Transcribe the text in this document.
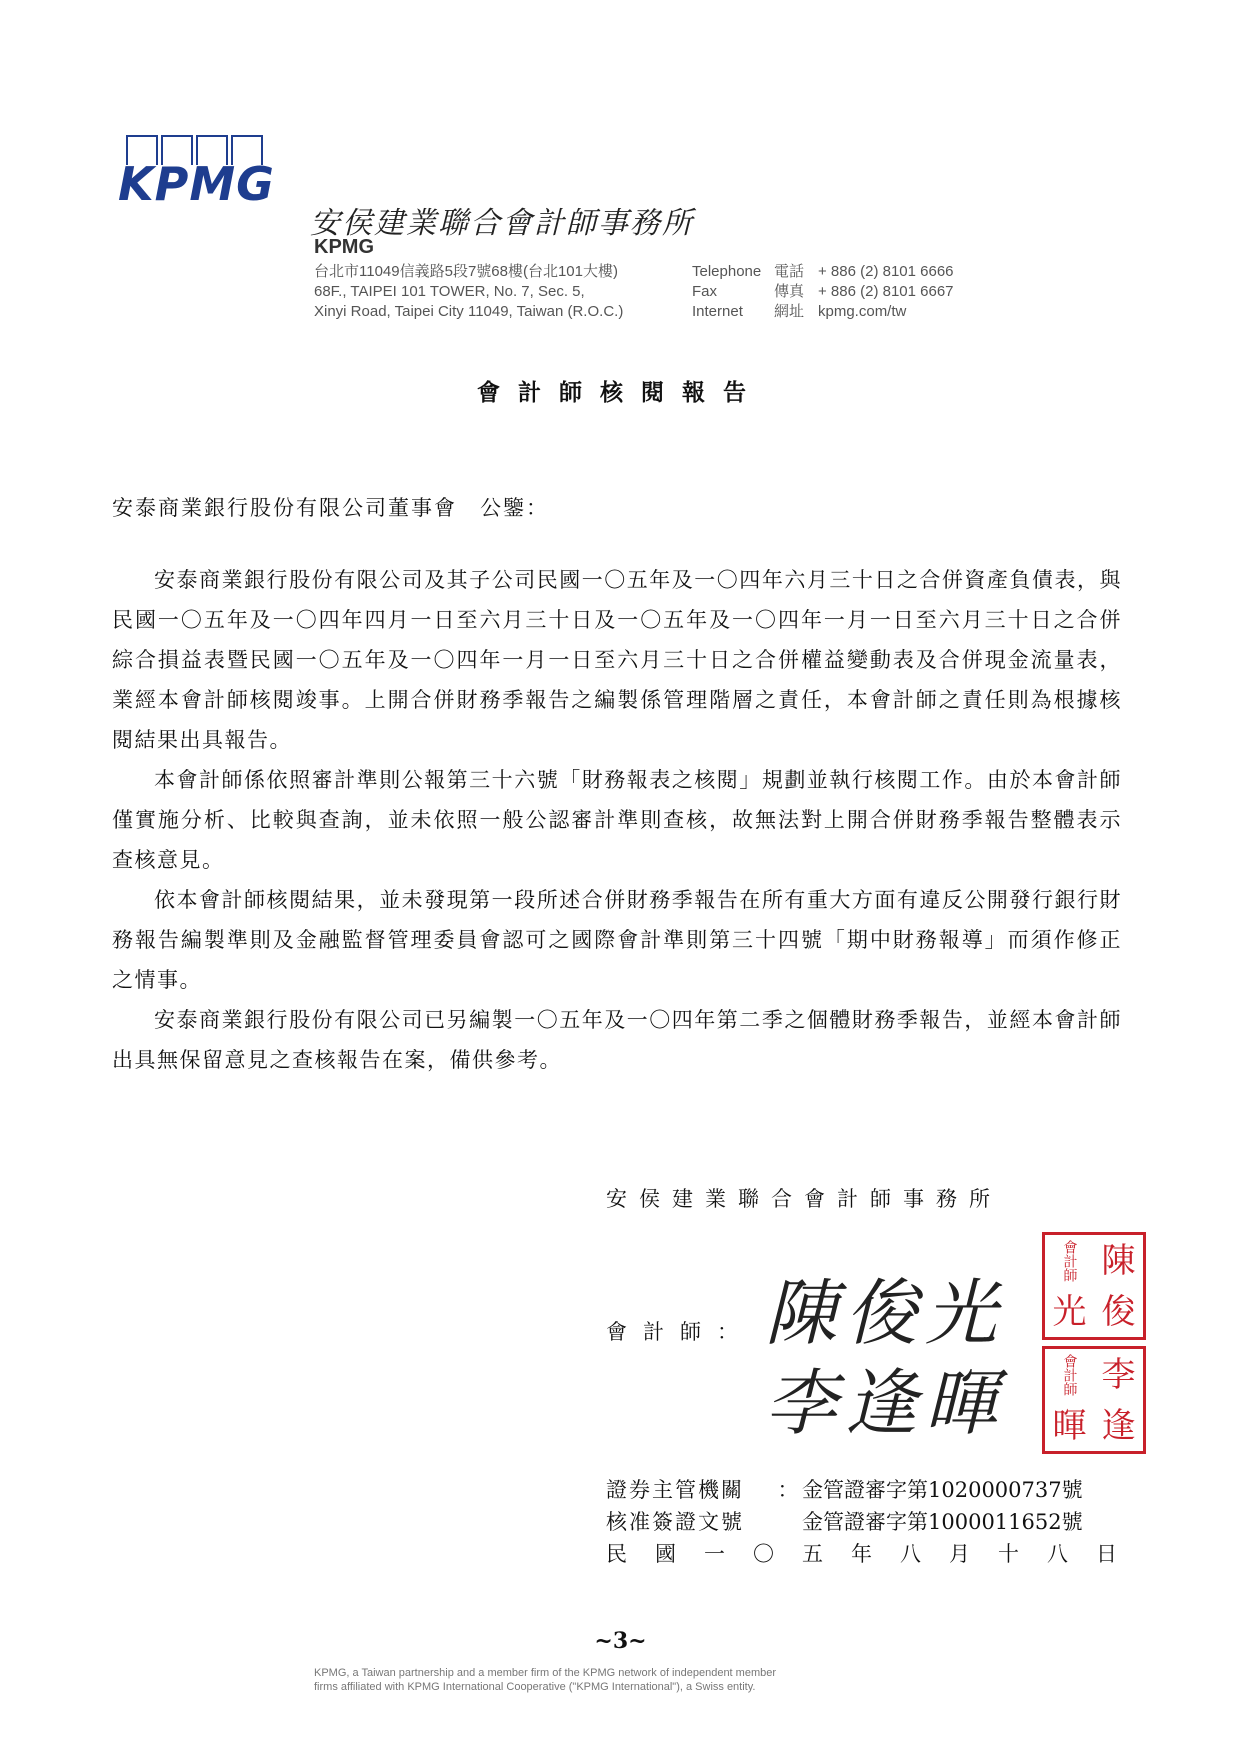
KPMG
安侯建業聯合會計師事務所
KPMG
台北市11049信義路5段7號68樓(台北101大樓)
68F., TAIPEI 101 TOWER, No. 7, Sec. 5,
Xinyi Road, Taipei City 11049, Taiwan (R.O.C.)
Telephone 電話 + 886 (2) 8101 6666
Fax	傳真 + 886 (2) 8101 6667
Internet	網址 kpmg.com/tw
會計師核閱報告
安泰商業銀行股份有限公司董事會　公鑒：

安泰商業銀行股份有限公司及其子公司民國一〇五年及一〇四年六月三十日之合併資產負債表，與民國一〇五年及一〇四年四月一日至六月三十日及一〇五年及一〇四年一月一日至六月三十日之合併綜合損益表暨民國一〇五年及一〇四年一月一日至六月三十日之合併權益變動表及合併現金流量表，業經本會計師核閱竣事。上開合併財務季報告之編製係管理階層之責任，本會計師之責任則為根據核閱結果出具報告。

本會計師係依照審計準則公報第三十六號「財務報表之核閱」規劃並執行核閱工作。由於本會計師僅實施分析、比較與查詢，並未依照一般公認審計準則查核，故無法對上開合併財務季報告整體表示查核意見。

依本會計師核閱結果，並未發現第一段所述合併財務季報告在所有重大方面有違反公開發行銀行財務報告編製準則及金融監督管理委員會認可之國際會計準則第三十四號「期中財務報導」而須作修正之情事。

安泰商業銀行股份有限公司已另編製一〇五年及一〇四年第二季之個體財務季報告，並經本會計師出具無保留意見之查核報告在案，備供參考。

安侯建業聯合會計師事務所
會計師： 陳俊光
李逢暉
會計師 陳
光 俊
會計師 李
暉 逢
證券主管機關	： 金管證審字第1020000737號
核准簽證文號	金管證審字第1000011652號
民國一〇五年八月十八日
~3~
KPMG, a Taiwan partnership and a member firm of the KPMG network of independent member
firms affiliated with KPMG International Cooperative ("KPMG International"), a Swiss entity.
